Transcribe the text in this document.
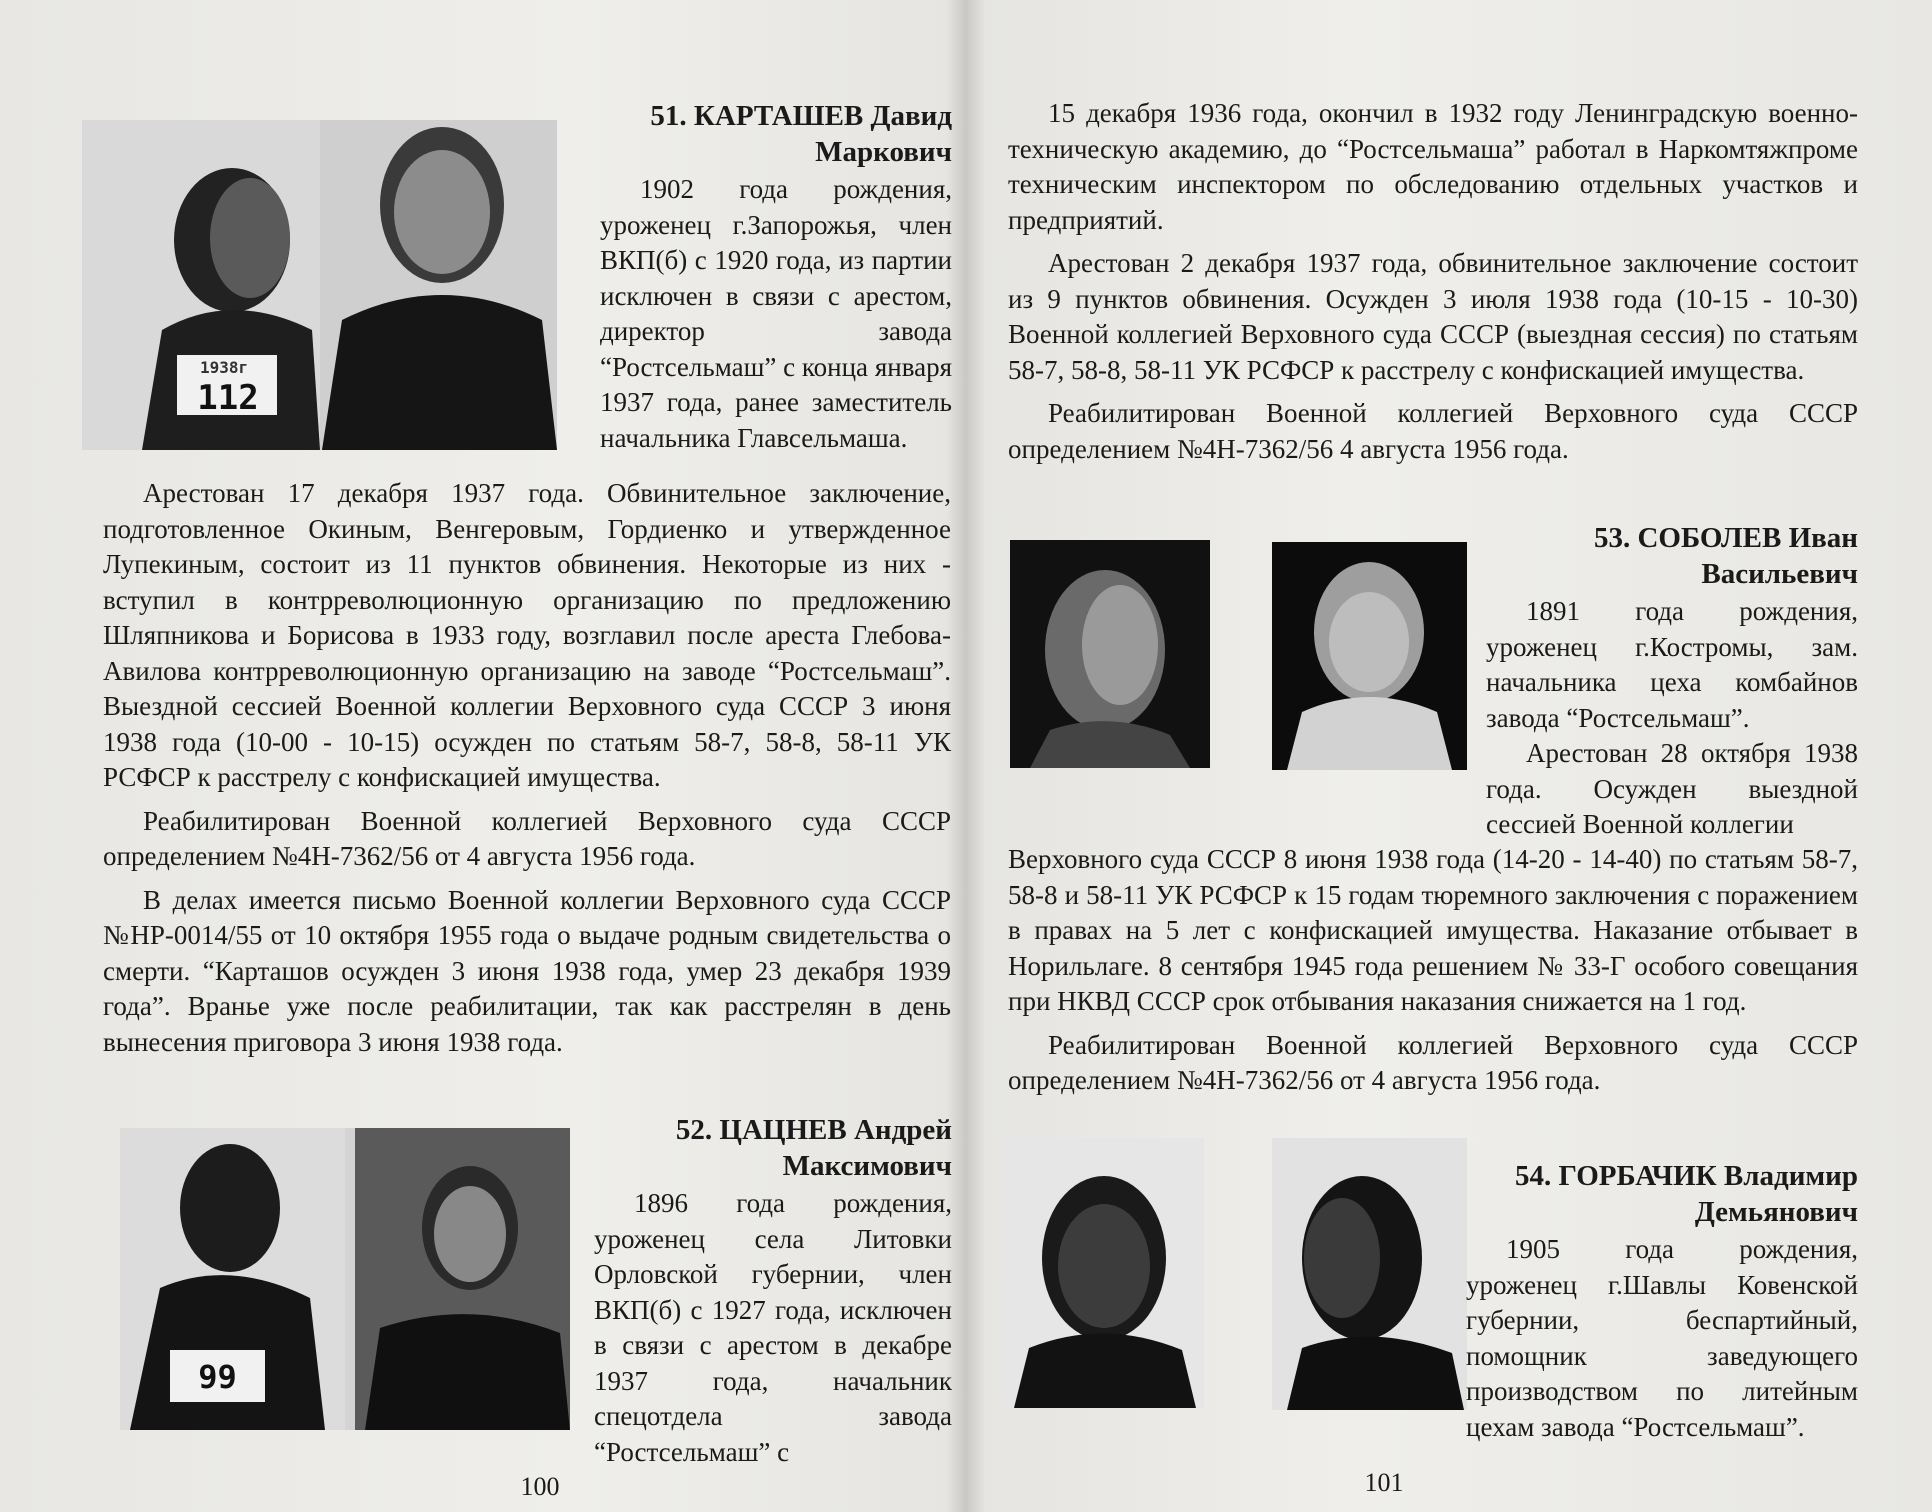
1938г
112
51. КАРТАШЕВ Давид Маркович

1902 года рождения, уроженец г.Запорожья, член ВКП(б) с 1920 года, из партии исключен в связи с арестом, директор завода “Ростсельмаш” с конца января 1937 года, ранее заместитель начальника Главсельмаша.

Арестован 17 декабря 1937 года. Обвинительное заключение, подготовленное Окиным, Венгеровым, Гордиенко и утвержденное Лупекиным, состоит из 11 пунктов обвинения. Некоторые из них - вступил в контрреволюционную организацию по предложению Шляпникова и Борисова в 1933 году, возглавил после ареста Глебова-Авилова контрреволюционную организацию на заводе “Ростсельмаш”. Выездной сессией Военной коллегии Верховного суда СССР 3 июня 1938 года (10-00 - 10-15) осужден по статьям 58-7, 58-8, 58-11 УК РСФСР к расстрелу с конфискацией имущества.

Реабилитирован Военной коллегией Верховного суда СССР определением №4Н-7362/56 от 4 августа 1956 года.

В делах имеется письмо Военной коллегии Верховного суда СССР №НР-0014/55 от 10 октября 1955 года о выдаче родным свидетельства о смерти. “Карташов осужден 3 июня 1938 года, умер 23 декабря 1939 года”. Вранье уже после реабилитации, так как расстрелян в день вынесения приговора 3 июня 1938 года.

99
52. ЦАЦНЕВ Андрей Максимович

1896 года рождения, уроженец села Литовки Орловской губернии, член ВКП(б) с 1927 года, исключен в связи с арестом в декабре 1937 года, начальник спецотдела завода “Ростсельмаш” с

100

15 декабря 1936 года, окончил в 1932 году Ленинградскую военно-техническую академию, до “Ростсельмаша” работал в Наркомтяжпроме техническим инспектором по обследованию отдельных участков и предприятий.

Арестован 2 декабря 1937 года, обвинительное заключение состоит из 9 пунктов обвинения. Осужден 3 июля 1938 года (10-15 - 10-30) Военной коллегией Верховного суда СССР (выездная сессия) по статьям 58-7, 58-8, 58-11 УК РСФСР к расстрелу с конфискацией имущества.

Реабилитирован Военной коллегией Верховного суда СССР определением №4Н-7362/56 4 августа 1956 года.

53. СОБОЛЕВ Иван Васильевич

1891 года рождения, уроженец г.Костромы, зам. начальника цеха комбайнов завода “Ростсельмаш”.

Арестован 28 октября 1938 года. Осужден выездной сессией Военной коллегии

Верховного суда СССР 8 июня 1938 года (14-20 - 14-40) по статьям 58-7, 58-8 и 58-11 УК РСФСР к 15 годам тюремного заключения с поражением в правах на 5 лет с конфискацией имущества. Наказание отбывает в Норильлаге. 8 сентября 1945 года решением № 33-Г особого совещания при НКВД СССР срок отбывания наказания снижается на 1 год.

Реабилитирован Военной коллегией Верховного суда СССР определением №4Н-7362/56 от 4 августа 1956 года.

54. ГОРБАЧИК Владимир Демьянович

1905 года рождения, уроженец г.Шавлы Ковенской губернии, беспартийный, помощник заведующего производством по литейным цехам завода “Ростсельмаш”.

101
